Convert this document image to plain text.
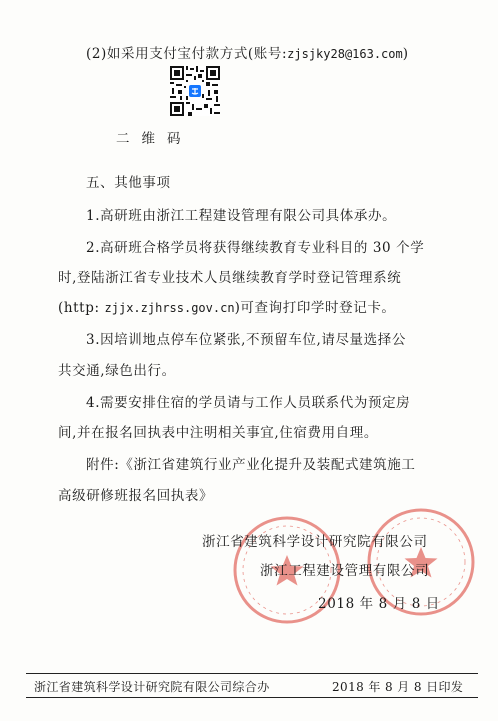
(2)如采用支付宝付款方式(账号:zjsjky28@163.com)
二维码
五、其他事项
1.高研班由浙江工程建设管理有限公司具体承办。
2.高研班合格学员将获得继续教育专业科目的 30 个学
时,登陆浙江省专业技术人员继续教育学时登记管理系统
(http: zjjx.zjhrss.gov.cn)可查询打印学时登记卡。
3.因培训地点停车位紧张,不预留车位,请尽量选择公
共交通,绿色出行。
4.需要安排住宿的学员请与工作人员联系代为预定房
间,并在报名回执表中注明相关事宜,住宿费用自理。
附件:《浙江省建筑行业产业化提升及装配式建筑施工
高级研修班报名回执表》
浙江省建筑科学设计研究院有限公司
浙江工程建设管理有限公司
2018 年 8 月 8 日
浙江省建筑科学设计研究院有限公司综合办	2018 年 8 月 8 日印发
